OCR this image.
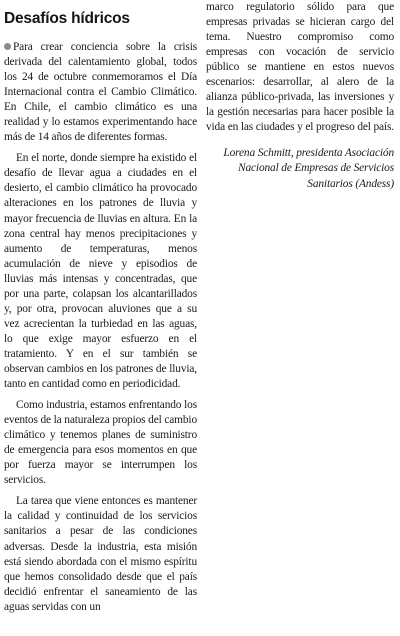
Desafíos hídricos

Para crear conciencia sobre la crisis derivada del calentamiento global, todos los 24 de octubre conmemoramos el Día Internacional contra el Cambio Climático. En Chile, el cambio climático es una realidad y lo estamos experimentando hace más de 14 años de diferentes formas.

En el norte, donde siempre ha existido el desafío de llevar agua a ciudades en el desierto, el cambio climático ha provocado alteraciones en los patrones de lluvia y mayor frecuencia de lluvias en altura. En la zona central hay menos precipitaciones y aumento de temperaturas, menos acumulación de nieve y episodios de lluvias más intensas y concentradas, que por una parte, colapsan los alcantarillados y, por otra, provocan aluviones que a su vez acrecientan la turbiedad en las aguas, lo que exige mayor esfuerzo en el tratamiento. Y en el sur también se observan cambios en los patrones de lluvia, tanto en cantidad como en periodicidad.

Como industria, estamos enfrentando los eventos de la naturaleza propios del cambio climático y tenemos planes de suministro de emergencia para esos momentos en que por fuerza mayor se interrumpen los servicios.

La tarea que viene entonces es mantener la calidad y continuidad de los servicios sanitarios a pesar de las condiciones adversas. Desde la industria, esta misión está siendo abordada con el mismo espíritu que hemos consolidado desde que el país decidió enfrentar el saneamiento de las aguas servidas con un

marco regulatorio sólido para que empresas privadas se hicieran cargo del tema. Nuestro compromiso como empresas con vocación de servicio público se mantiene en estos nuevos escenarios: desarrollar, al alero de la alianza público-privada, las inversiones y la gestión necesarias para hacer posible la vida en las ciudades y el progreso del país.

Lorena Schmitt, presidenta Asociación Nacional de Empresas de Servicios Sanitarios (Andess)
